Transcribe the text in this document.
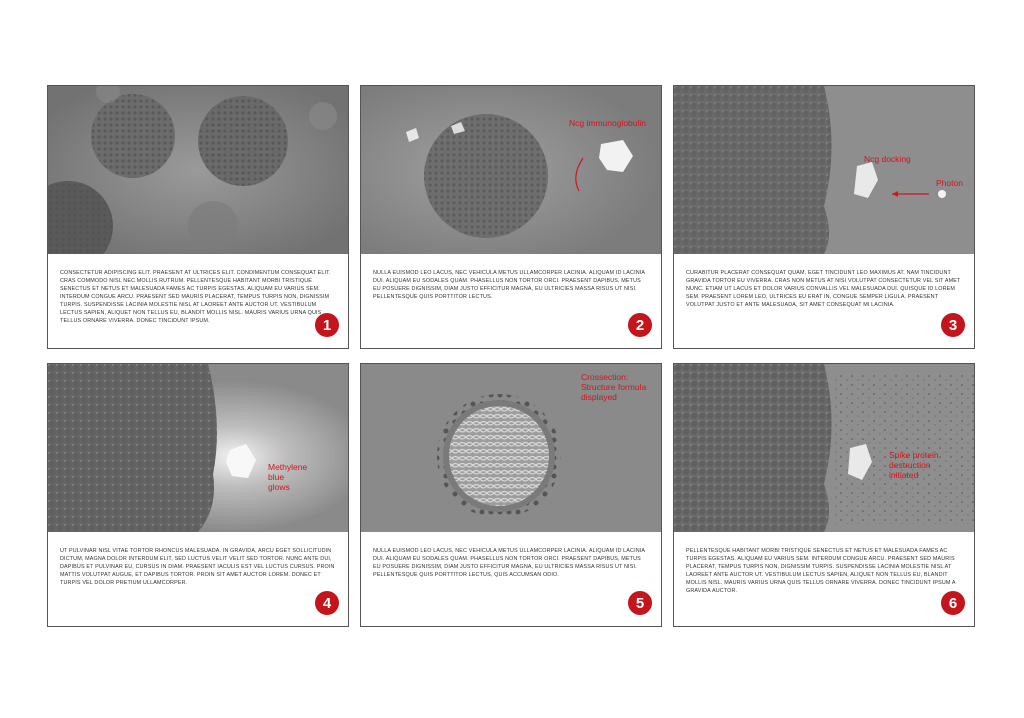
1
CONSECTETUR ADIPISCING ELIT. PRAESENT AT ULTRICES ELIT. CONDIMENTUM CONSEQUAT ELIT. CRAS COMMODO NISL NEC MOLLIS RUTRUM. PELLENTESQUE HABITANT MORBI TRISTIQUE SENECTUS ET NETUS ET MALESUADA FAMES AC TURPIS EGESTAS. ALIQUAM EU VARIUS SEM. INTERDUM CONGUE ARCU. PRAESENT SED MAURIS PLACERAT, TEMPUS TURPIS NON, DIGNISSIM TURPIS. SUSPENDISSE LACINIA MOLESTIE NISL AT LAOREET ANTE AUCTOR UT. VESTIBULUM LECTUS SAPIEN, ALIQUET NON TELLUS EU, BLANDIT MOLLIS NISL. MAURIS VARIUS URNA QUIS TELLUS ORNARE VIVERRA. DONEC TINCIDUNT IPSUM.
Ncg immunoglobulin
2
NULLA EUISMOD LEO LACUS, NEC VEHICULA METUS ULLAMCORPER LACINIA. ALIQUAM ID LACINIA DUI. ALIQUAM EU SODALES QUAM. PHASELLUS NON TORTOR ORCI. PRAESENT DAPIBUS, METUS EU POSUERE DIGNISSIM, DIAM JUSTO EFFICITUR MAGNA, EU ULTRICIES MASSA RISUS UT NISI. PELLENTESQUE QUIS PORTTITOR LECTUS.
Ncg docking
Photon
3
CURABITUR PLACERAT CONSEQUAT QUAM, EGET TINCIDUNT LEO MAXIMUS AT. NAM TINCIDUNT GRAVIDA TORTOR EU VIVERRA. CRAS NON METUS AT NISI VOLUTPAT CONSECTETUR VEL SIT AMET NUNC. ETIAM UT LACUS ET DOLOR VARIUS CONVALLIS VEL MALESUADA DUI. QUISQUE ID LOREM SEM. PRAESENT LOREM LEO, ULTRICES EU ERAT IN, CONGUE SEMPER LIGULA. PRAESENT VOLUTPAT JUSTO ET ANTE MALESUADA, SIT AMET CONSEQUAT MI LACINIA.
Methylene
blue
glows
4
UT PULVINAR NISL VITAE TORTOR RHONCUS MALESUADA. IN GRAVIDA, ARCU EGET SOLLICITUDIN DICTUM, MAGNA DOLOR INTERDUM ELIT, SED LUCTUS VELIT VELIT SED TORTOR. NUNC ANTE DUI, DAPIBUS ET PULVINAR EU, CURSUS IN DIAM. PRAESENT IACULIS EST VEL LUCTUS CURSUS. PROIN MATTIS VOLUTPAT AUGUE, ET DAPIBUS TORTOR. PROIN SIT AMET AUCTOR LOREM. DONEC ET TURPIS VEL DOLOR PRETIUM ULLAMCORPER.
Crossection:
Structure formula
displayed
5
NULLA EUISMOD LEO LACUS, NEC VEHICULA METUS ULLAMCORPER LACINIA. ALIQUAM ID LACINIA DUI. ALIQUAM EU SODALES QUAM. PHASELLUS NON TORTOR ORCI. PRAESENT DAPIBUS, METUS EU POSUERE DIGNISSIM, DIAM JUSTO EFFICITUR MAGNA, EU ULTRICIES MASSA RISUS UT NISI. PELLENTESQUE QUIS PORTTITOR LECTUS, QUIS ACCUMSAN ODIO.
Spike protein
destruction
initiated
6
PELLENTESQUE HABITANT MORBI TRISTIQUE SENECTUS ET NETUS ET MALESUADA FAMES AC TURPIS EGESTAS. ALIQUAM EU VARIUS SEM. INTERDUM CONGUE ARCU. PRAESENT SED MAURIS PLACERAT, TEMPUS TURPIS NON, DIGNISSIM TURPIS. SUSPENDISSE LACINIA MOLESTIE NISL AT LAOREET ANTE AUCTOR UT. VESTIBULUM LECTUS SAPIEN, ALIQUET NON TELLUS EU, BLANDIT MOLLIS NISL. MAURIS VARIUS URNA QUIS TELLUS ORNARE VIVERRA. DONEC TINCIDUNT IPSUM A GRAVIDA AUCTOR.
